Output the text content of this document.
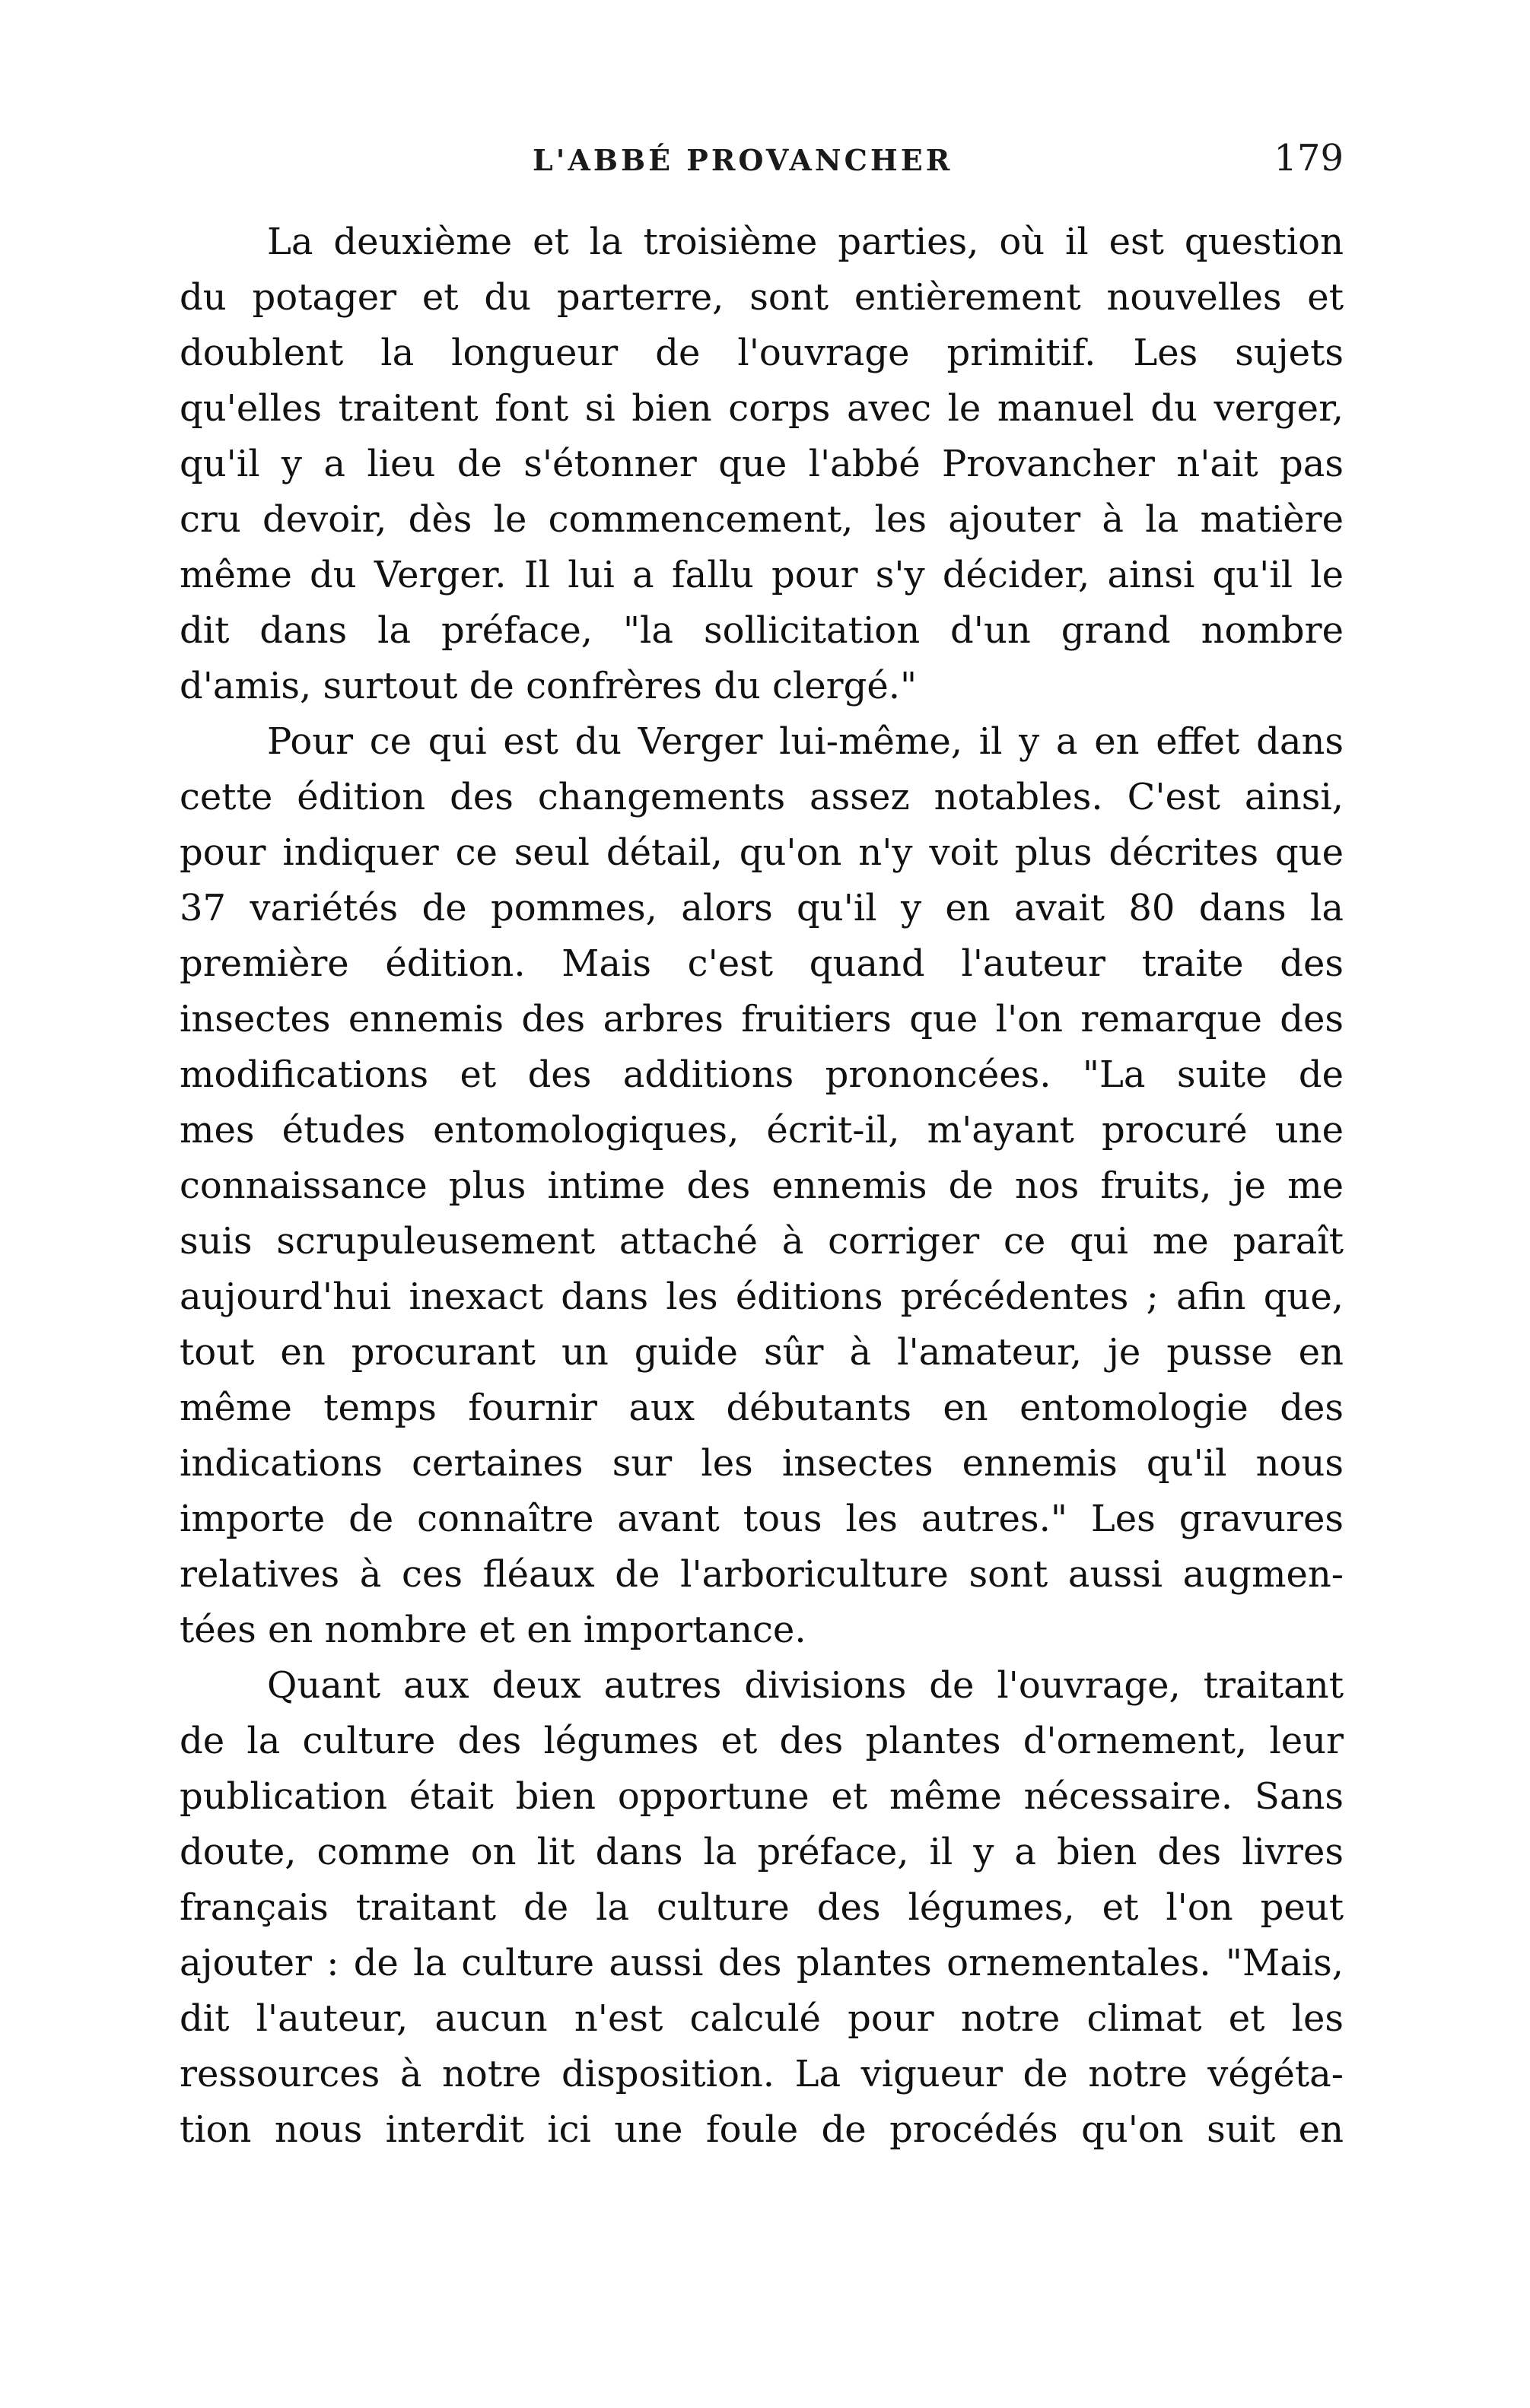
L'ABBÉ PROVANCHER	179
La deuxième et la troisième parties, où il est question
du potager et du parterre, sont entièrement nouvelles et
doublent la longueur de l'ouvrage primitif. Les sujets
qu'elles traitent font si bien corps avec le manuel du verger,
qu'il y a lieu de s'étonner que l'abbé Provancher n'ait pas
cru devoir, dès le commencement, les ajouter à la matière
même du Verger. Il lui a fallu pour s'y décider, ainsi qu'il le
dit dans la préface, "la sollicitation d'un grand nombre
d'amis, surtout de confrères du clergé."
Pour ce qui est du Verger lui-même, il y a en effet dans
cette édition des changements assez notables. C'est ainsi,
pour indiquer ce seul détail, qu'on n'y voit plus décrites que
37 variétés de pommes, alors qu'il y en avait 80 dans la
première édition. Mais c'est quand l'auteur traite des
insectes ennemis des arbres fruitiers que l'on remarque des
modifications et des additions prononcées. "La suite de
mes études entomologiques, écrit-il, m'ayant procuré une
connaissance plus intime des ennemis de nos fruits, je me
suis scrupuleusement attaché à corriger ce qui me paraît
aujourd'hui inexact dans les éditions précédentes ; afin que,
tout en procurant un guide sûr à l'amateur, je pusse en
même temps fournir aux débutants en entomologie des
indications certaines sur les insectes ennemis qu'il nous
importe de connaître avant tous les autres." Les gravures
relatives à ces fléaux de l'arboriculture sont aussi augmen-
tées en nombre et en importance.
Quant aux deux autres divisions de l'ouvrage, traitant
de la culture des légumes et des plantes d'ornement, leur
publication était bien opportune et même nécessaire. Sans
doute, comme on lit dans la préface, il y a bien des livres
français traitant de la culture des légumes, et l'on peut
ajouter : de la culture aussi des plantes ornementales. "Mais,
dit l'auteur, aucun n'est calculé pour notre climat et les
ressources à notre disposition. La vigueur de notre végéta-
tion nous interdit ici une foule de procédés qu'on suit en
